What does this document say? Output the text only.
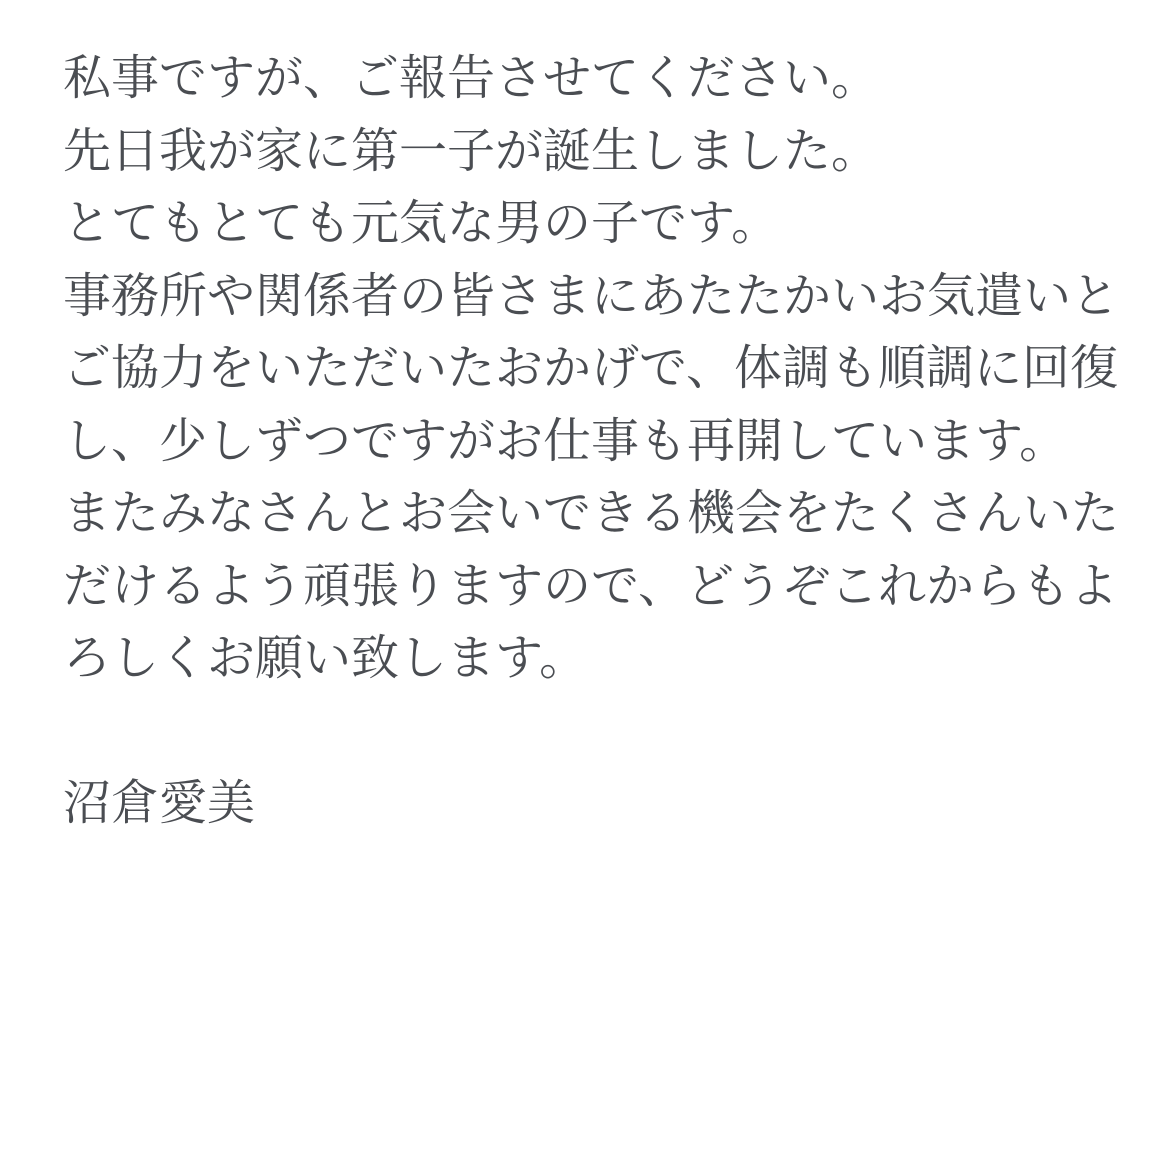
私事ですが、ご報告させてください。
先日我が家に第一子が誕生しました。
とてもとても元気な男の子です。
事務所や関係者の皆さまにあたたかいお気遣いと
ご協力をいただいたおかげで、体調も順調に回復
し、少しずつですがお仕事も再開しています。
またみなさんとお会いできる機会をたくさんいた
だけるよう頑張りますので、どうぞこれからもよ
ろしくお願い致します。
沼倉愛美
